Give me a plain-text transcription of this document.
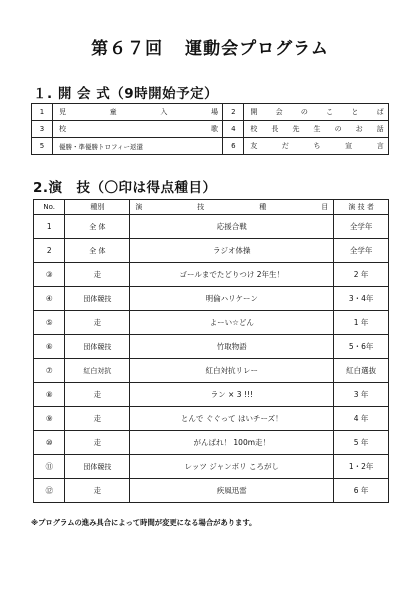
第６７回 運動会プログラム
１. 開 会 式（9時開始予定）
1	児 童 入 場	2	開 会 の こ と ば
3	校 歌	4	校 長 先 生 の お 話
5	優勝・準優勝トロフィー返還	6	友 だ ち 宣 言
2.演　技（〇印は得点種目）
No.	種別	演 技 種 目	演 技 者
1	全 体	応援合戦	全学年
2	全 体	ラジオ体操	全学年
③	走	ゴールまでたどりつけ 2年生！	2 年
④	団体競技	明倫ハリケーン	3・4年
⑤	走	よーい☆どん	1 年
⑥	団体競技	竹取物語	5・6年
⑦	紅白対抗	紅白対抗リレー	紅白選抜
⑧	走	ラン × 3 !!!	3 年
⑨	走	とんで ぐぐって はいチーズ！	4 年
⑩	走	がんばれ！ 100m走！	5 年
⑪	団体競技	レッツ ジャンボリ ころがし	1・2年
⑫	走	疾風迅雷	6 年
※プログラムの進み具合によって時間が変更になる場合があります。
